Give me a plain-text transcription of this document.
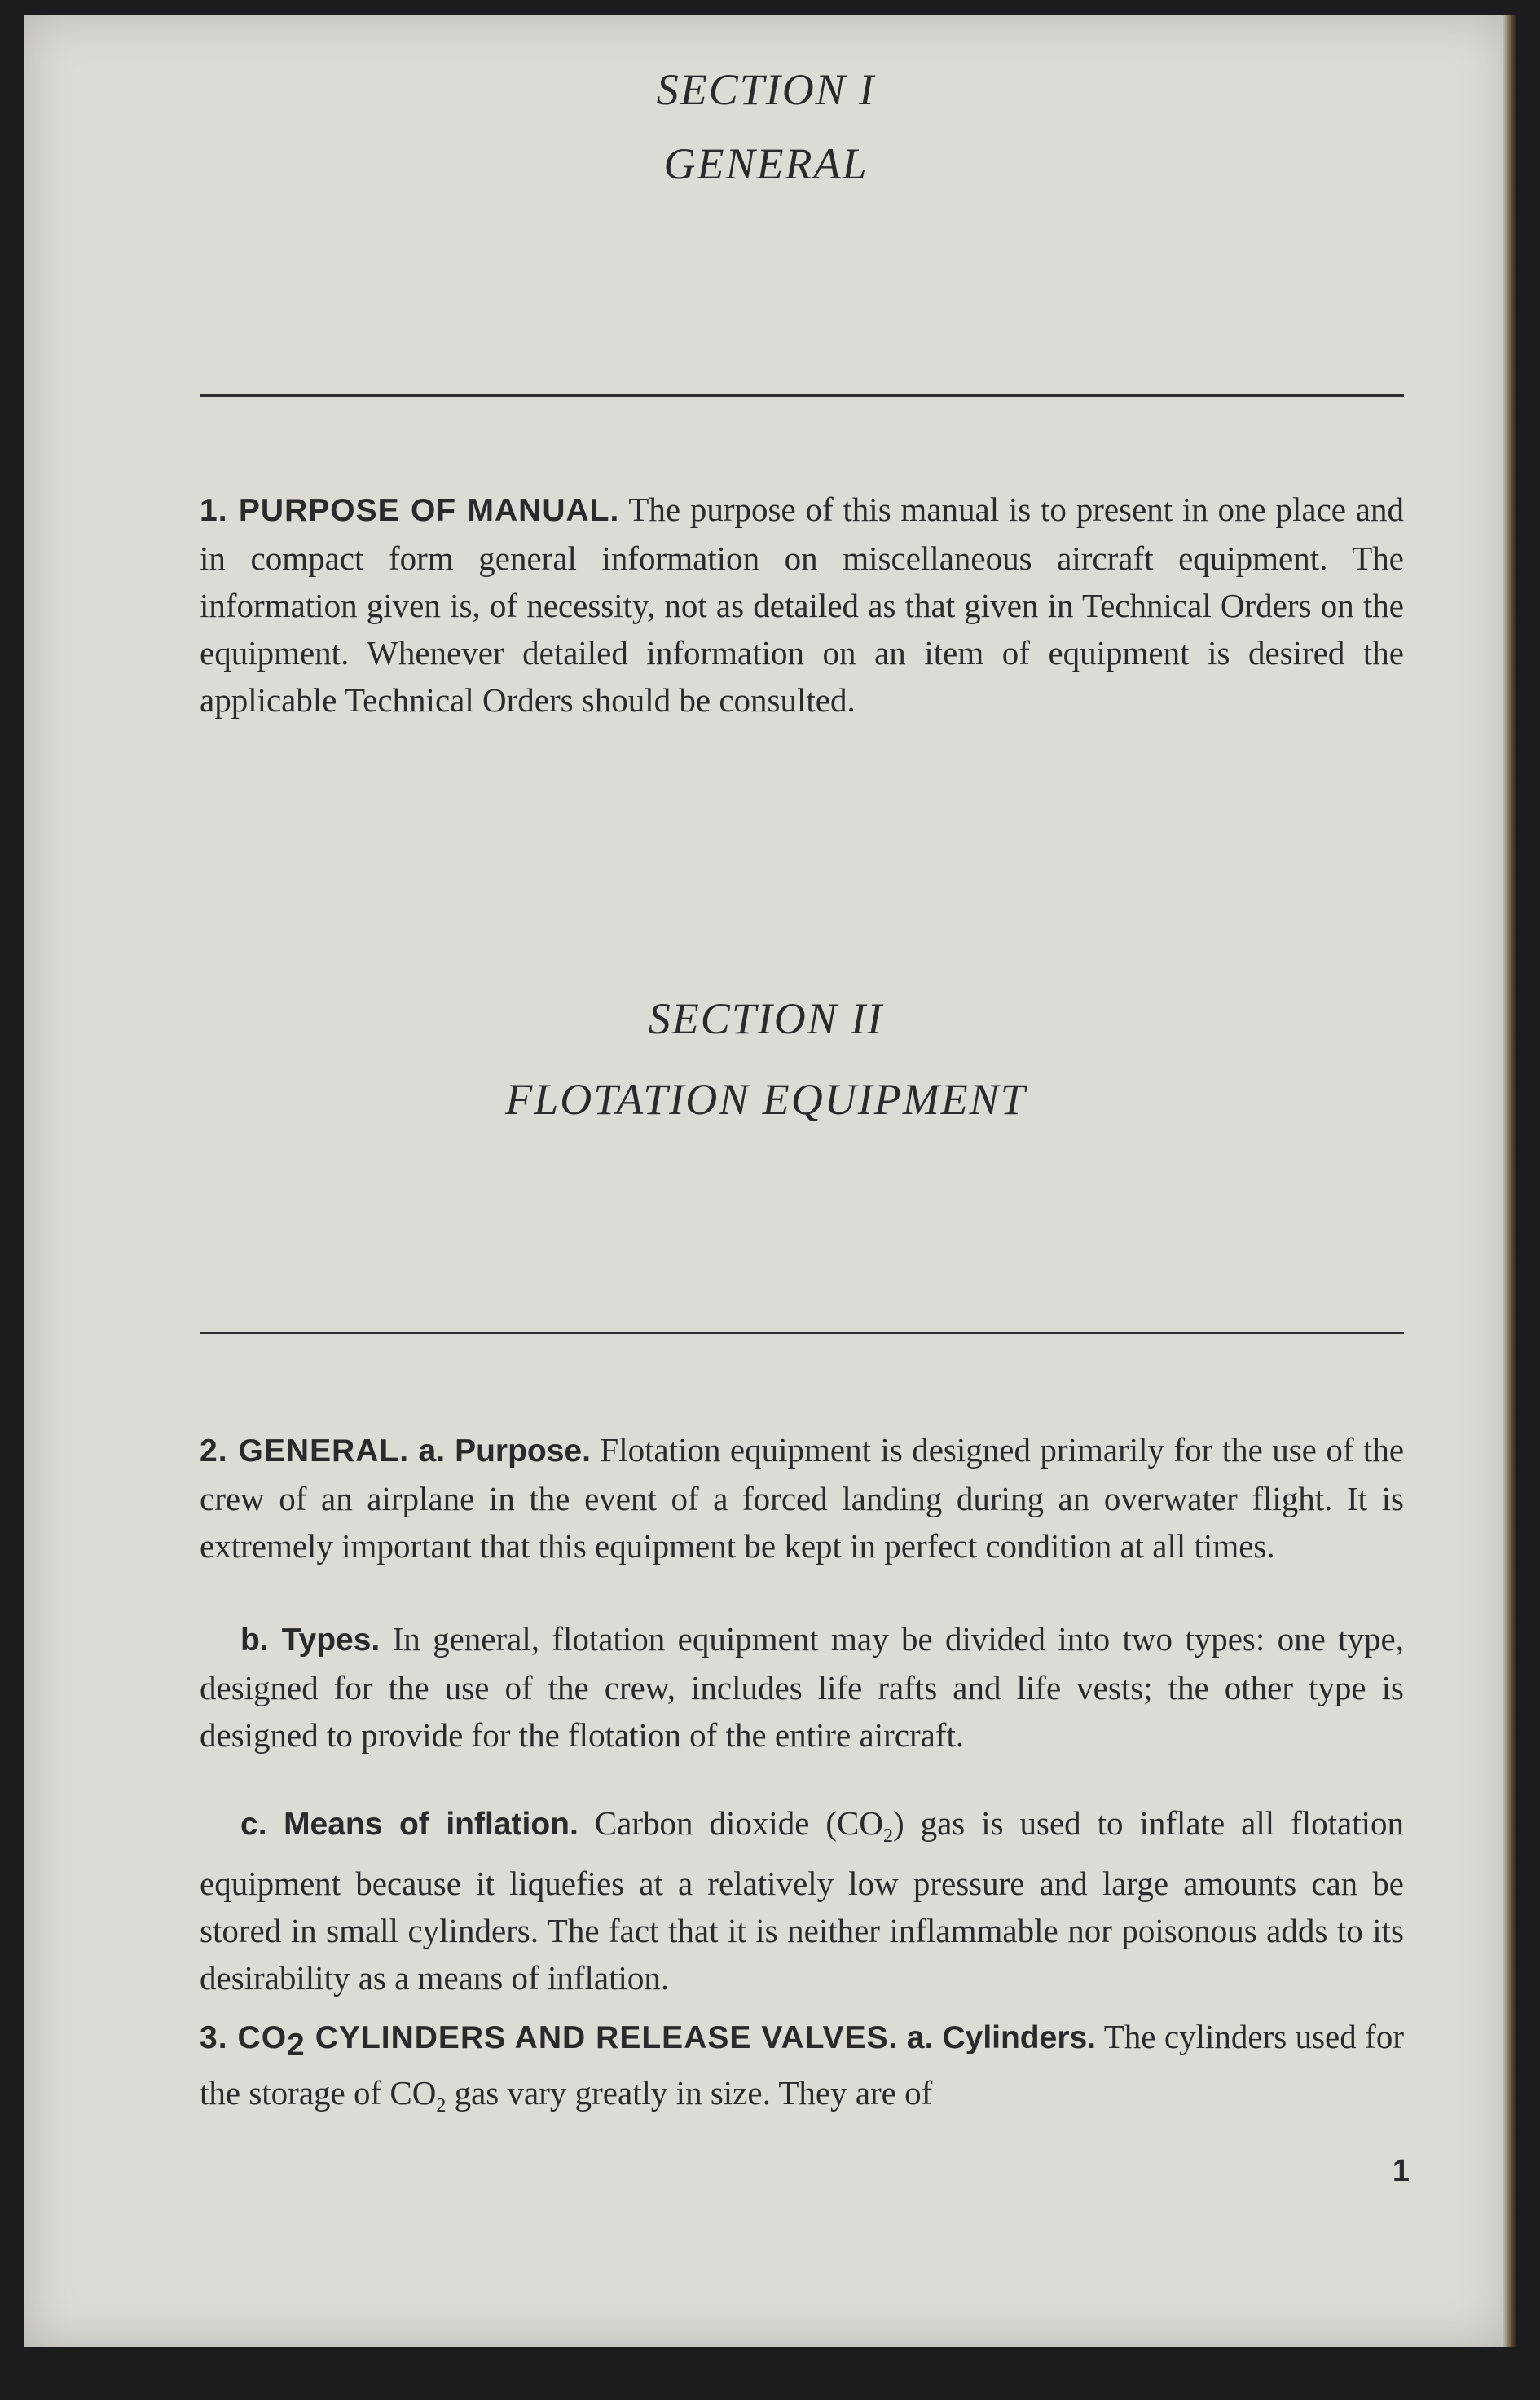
SECTION I
GENERAL

1. PURPOSE OF MANUAL. The purpose of this manual is to present in one place and in compact form general information on miscellaneous aircraft equipment. The information given is, of necessity, not as detailed as that given in Technical Orders on the equipment. Whenever detailed information on an item of equipment is desired the applicable Technical Orders should be consulted.

SECTION II
FLOTATION EQUIPMENT

2. GENERAL. a. Purpose. Flotation equipment is designed primarily for the use of the crew of an airplane in the event of a forced landing during an overwater flight. It is extremely important that this equipment be kept in perfect condition at all times.

b. Types. In general, flotation equipment may be divided into two types: one type, designed for the use of the crew, includes life rafts and life vests; the other type is designed to provide for the flotation of the entire aircraft.

c. Means of inflation. Carbon dioxide $(CO_2)$ gas is used to inflate all flotation equipment because it liquefies at a relatively low pressure and large amounts can be stored in small cylinders. The fact that it is neither inflammable nor poisonous adds to its desirability as a means of inflation.

3. $CO_2$ CYLINDERS AND RELEASE VALVES. a. Cylinders. The cylinders used for the storage of $CO_2$ gas vary greatly in size. They are of

1
